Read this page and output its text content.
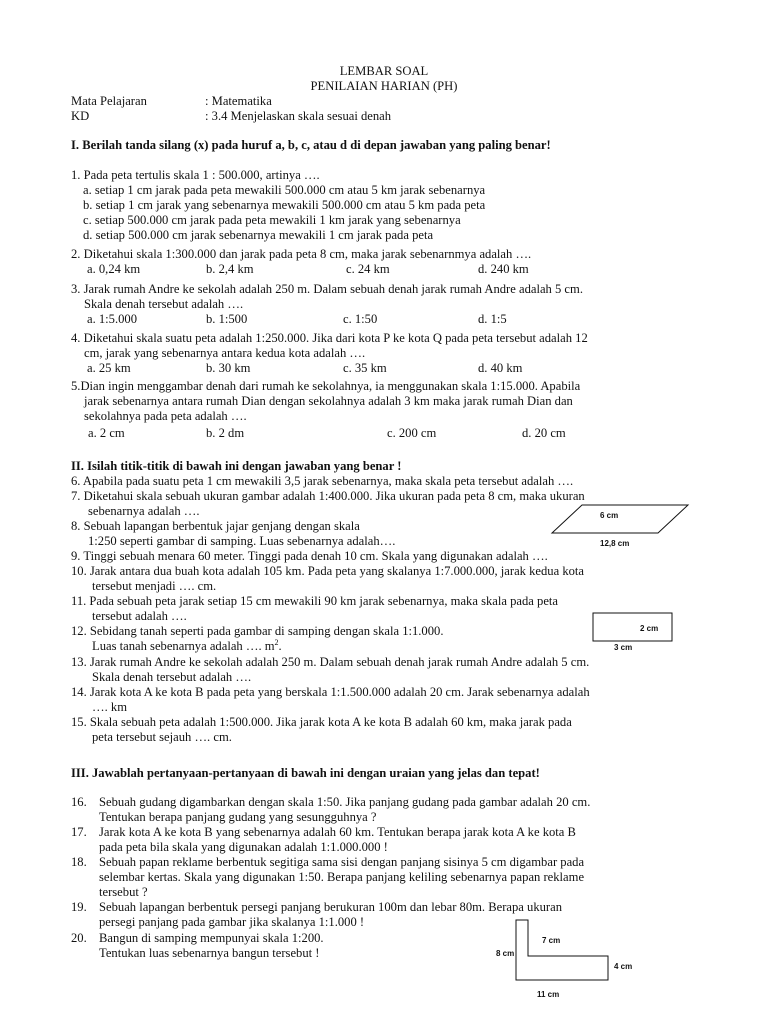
LEMBAR SOAL
PENILAIAN HARIAN (PH)
Mata Pelajaran	: Matematika
KD	: 3.4 Menjelaskan skala sesuai denah
I. Berilah tanda silang (x) pada huruf a, b, c, atau d di depan jawaban yang paling benar!
1. Pada peta tertulis skala 1 : 500.000, artinya ….
a. setiap 1 cm jarak pada peta mewakili 500.000 cm atau 5 km jarak sebenarnya
b. setiap 1 cm jarak yang sebenarnya mewakili 500.000 cm atau 5 km pada peta
c. setiap 500.000 cm jarak pada peta mewakili 1 km jarak yang sebenarnya
d. setiap 500.000 cm jarak sebenarnya mewakili 1 cm jarak pada peta
2. Diketahui skala 1:300.000 dan jarak pada peta 8 cm, maka jarak sebenarnmya adalah ….
a. 0,24 km	b. 2,4 km	c. 24 km	d. 240 km
3. Jarak rumah Andre ke sekolah adalah 250 m. Dalam sebuah denah jarak rumah Andre adalah 5 cm.
Skala denah tersebut adalah ….
a. 1:5.000	b. 1:500	c. 1:50	d. 1:5
4. Diketahui skala suatu peta adalah 1:250.000. Jika dari kota P ke kota Q pada peta tersebut adalah 12
cm, jarak yang sebenarnya antara kedua kota adalah ….
a. 25 km	b. 30 km	c. 35 km	d. 40 km
5.Dian ingin menggambar denah dari rumah ke sekolahnya, ia menggunakan skala 1:15.000. Apabila
jarak sebenarnya antara rumah Dian dengan sekolahnya adalah 3 km maka jarak rumah Dian dan
sekolahnya pada peta adalah ….
a. 2 cm	b. 2 dm	c. 200 cm	d. 20 cm
II. Isilah titik-titik di bawah ini dengan jawaban yang benar !
6. Apabila pada suatu peta 1 cm mewakili 3,5 jarak sebenarnya, maka skala peta tersebut adalah ….
7. Diketahui skala sebuah ukuran gambar adalah 1:400.000. Jika ukuran pada peta 8 cm, maka ukuran
sebenarnya adalah ….
8. Sebuah lapangan berbentuk jajar genjang dengan skala
1:250 seperti gambar di samping. Luas sebenarnya adalah….
6 cm
12,8 cm
9. Tinggi sebuah menara 60 meter. Tinggi pada denah 10 cm. Skala yang digunakan adalah ….
10. Jarak antara dua buah kota adalah 105 km. Pada peta yang skalanya 1:7.000.000, jarak kedua kota
tersebut menjadi …. cm.
11. Pada sebuah peta jarak setiap 15 cm mewakili 90 km jarak sebenarnya, maka skala pada peta
tersebut adalah ….
12. Sebidang tanah seperti pada gambar di samping dengan skala 1:1.000.
Luas tanah sebenarnya adalah …. $m^2$.
2 cm
3 cm
13. Jarak rumah Andre ke sekolah adalah 250 m. Dalam sebuah denah jarak rumah Andre adalah 5 cm.
Skala denah tersebut adalah ….
14. Jarak kota A ke kota B pada peta yang berskala 1:1.500.000 adalah 20 cm. Jarak sebenarnya adalah
…. km
15. Skala sebuah peta adalah 1:500.000. Jika jarak kota A ke kota B adalah 60 km, maka jarak pada
peta tersebut sejauh …. cm.
III. Jawablah pertanyaan-pertanyaan di bawah ini dengan uraian yang jelas dan tepat!
16. Sebuah gudang digambarkan dengan skala 1:50. Jika panjang gudang pada gambar adalah 20 cm.
Tentukan berapa panjang gudang yang sesungguhnya ?
17. Jarak kota A ke kota B yang sebenarnya adalah 60 km. Tentukan berapa jarak kota A ke kota B
pada peta bila skala yang digunakan adalah 1:1.000.000 !
18. Sebuah papan reklame berbentuk segitiga sama sisi dengan panjang sisinya 5 cm digambar pada
selembar kertas. Skala yang digunakan 1:50. Berapa panjang keliling sebenarnya papan reklame
tersebut ?
19. Sebuah lapangan berbentuk persegi panjang berukuran 100m dan lebar 80m. Berapa ukuran
persegi panjang pada gambar jika skalanya 1:1.000 !
20. Bangun di samping mempunyai skala 1:200.
Tentukan luas sebenarnya bangun tersebut !	8 cm
7 cm
4 cm
11 cm
